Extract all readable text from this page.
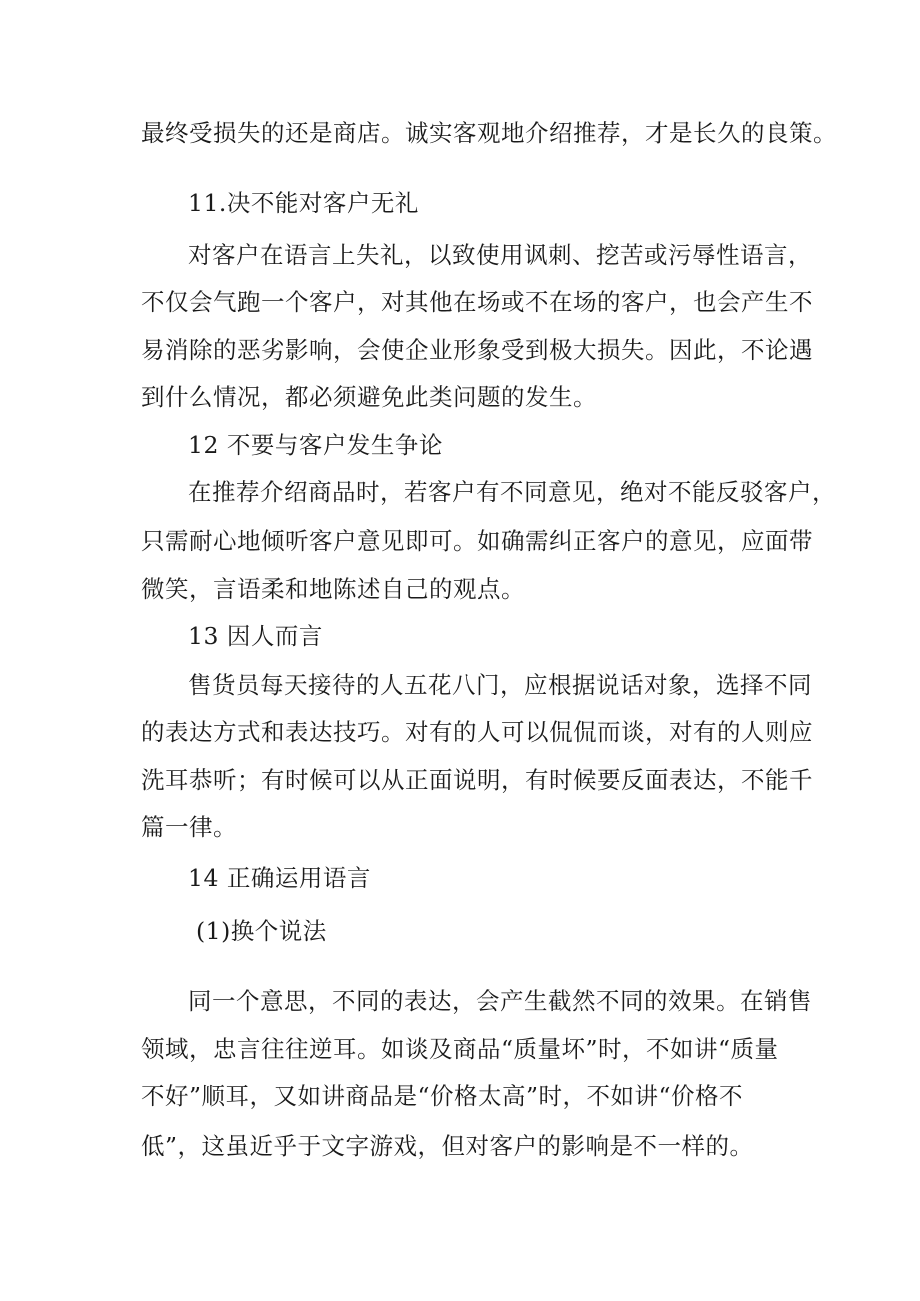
最终受损失的还是商店。诚实客观地介绍推荐，才是长久的良策。
11.决不能对客户无礼
对客户在语言上失礼，以致使用讽刺、挖苦或污辱性语言，
不仅会气跑一个客户，对其他在场或不在场的客户，也会产生不
易消除的恶劣影响，会使企业形象受到极大损失。因此，不论遇
到什么情况，都必须避免此类问题的发生。
12 不要与客户发生争论
在推荐介绍商品时，若客户有不同意见，绝对不能反驳客户，
只需耐心地倾听客户意见即可。如确需纠正客户的意见，应面带
微笑，言语柔和地陈述自己的观点。
13 因人而言
售货员每天接待的人五花八门，应根据说话对象，选择不同
的表达方式和表达技巧。对有的人可以侃侃而谈，对有的人则应
洗耳恭听；有时候可以从正面说明，有时候要反面表达，不能千
篇一律。
14 正确运用语言
(1)换个说法
同一个意思，不同的表达，会产生截然不同的效果。在销售
领域，忠言往往逆耳。如谈及商品“质量坏”时，不如讲“质量
不好”顺耳，又如讲商品是“价格太高”时，不如讲“价格不
低”，这虽近乎于文字游戏，但对客户的影响是不一样的。
